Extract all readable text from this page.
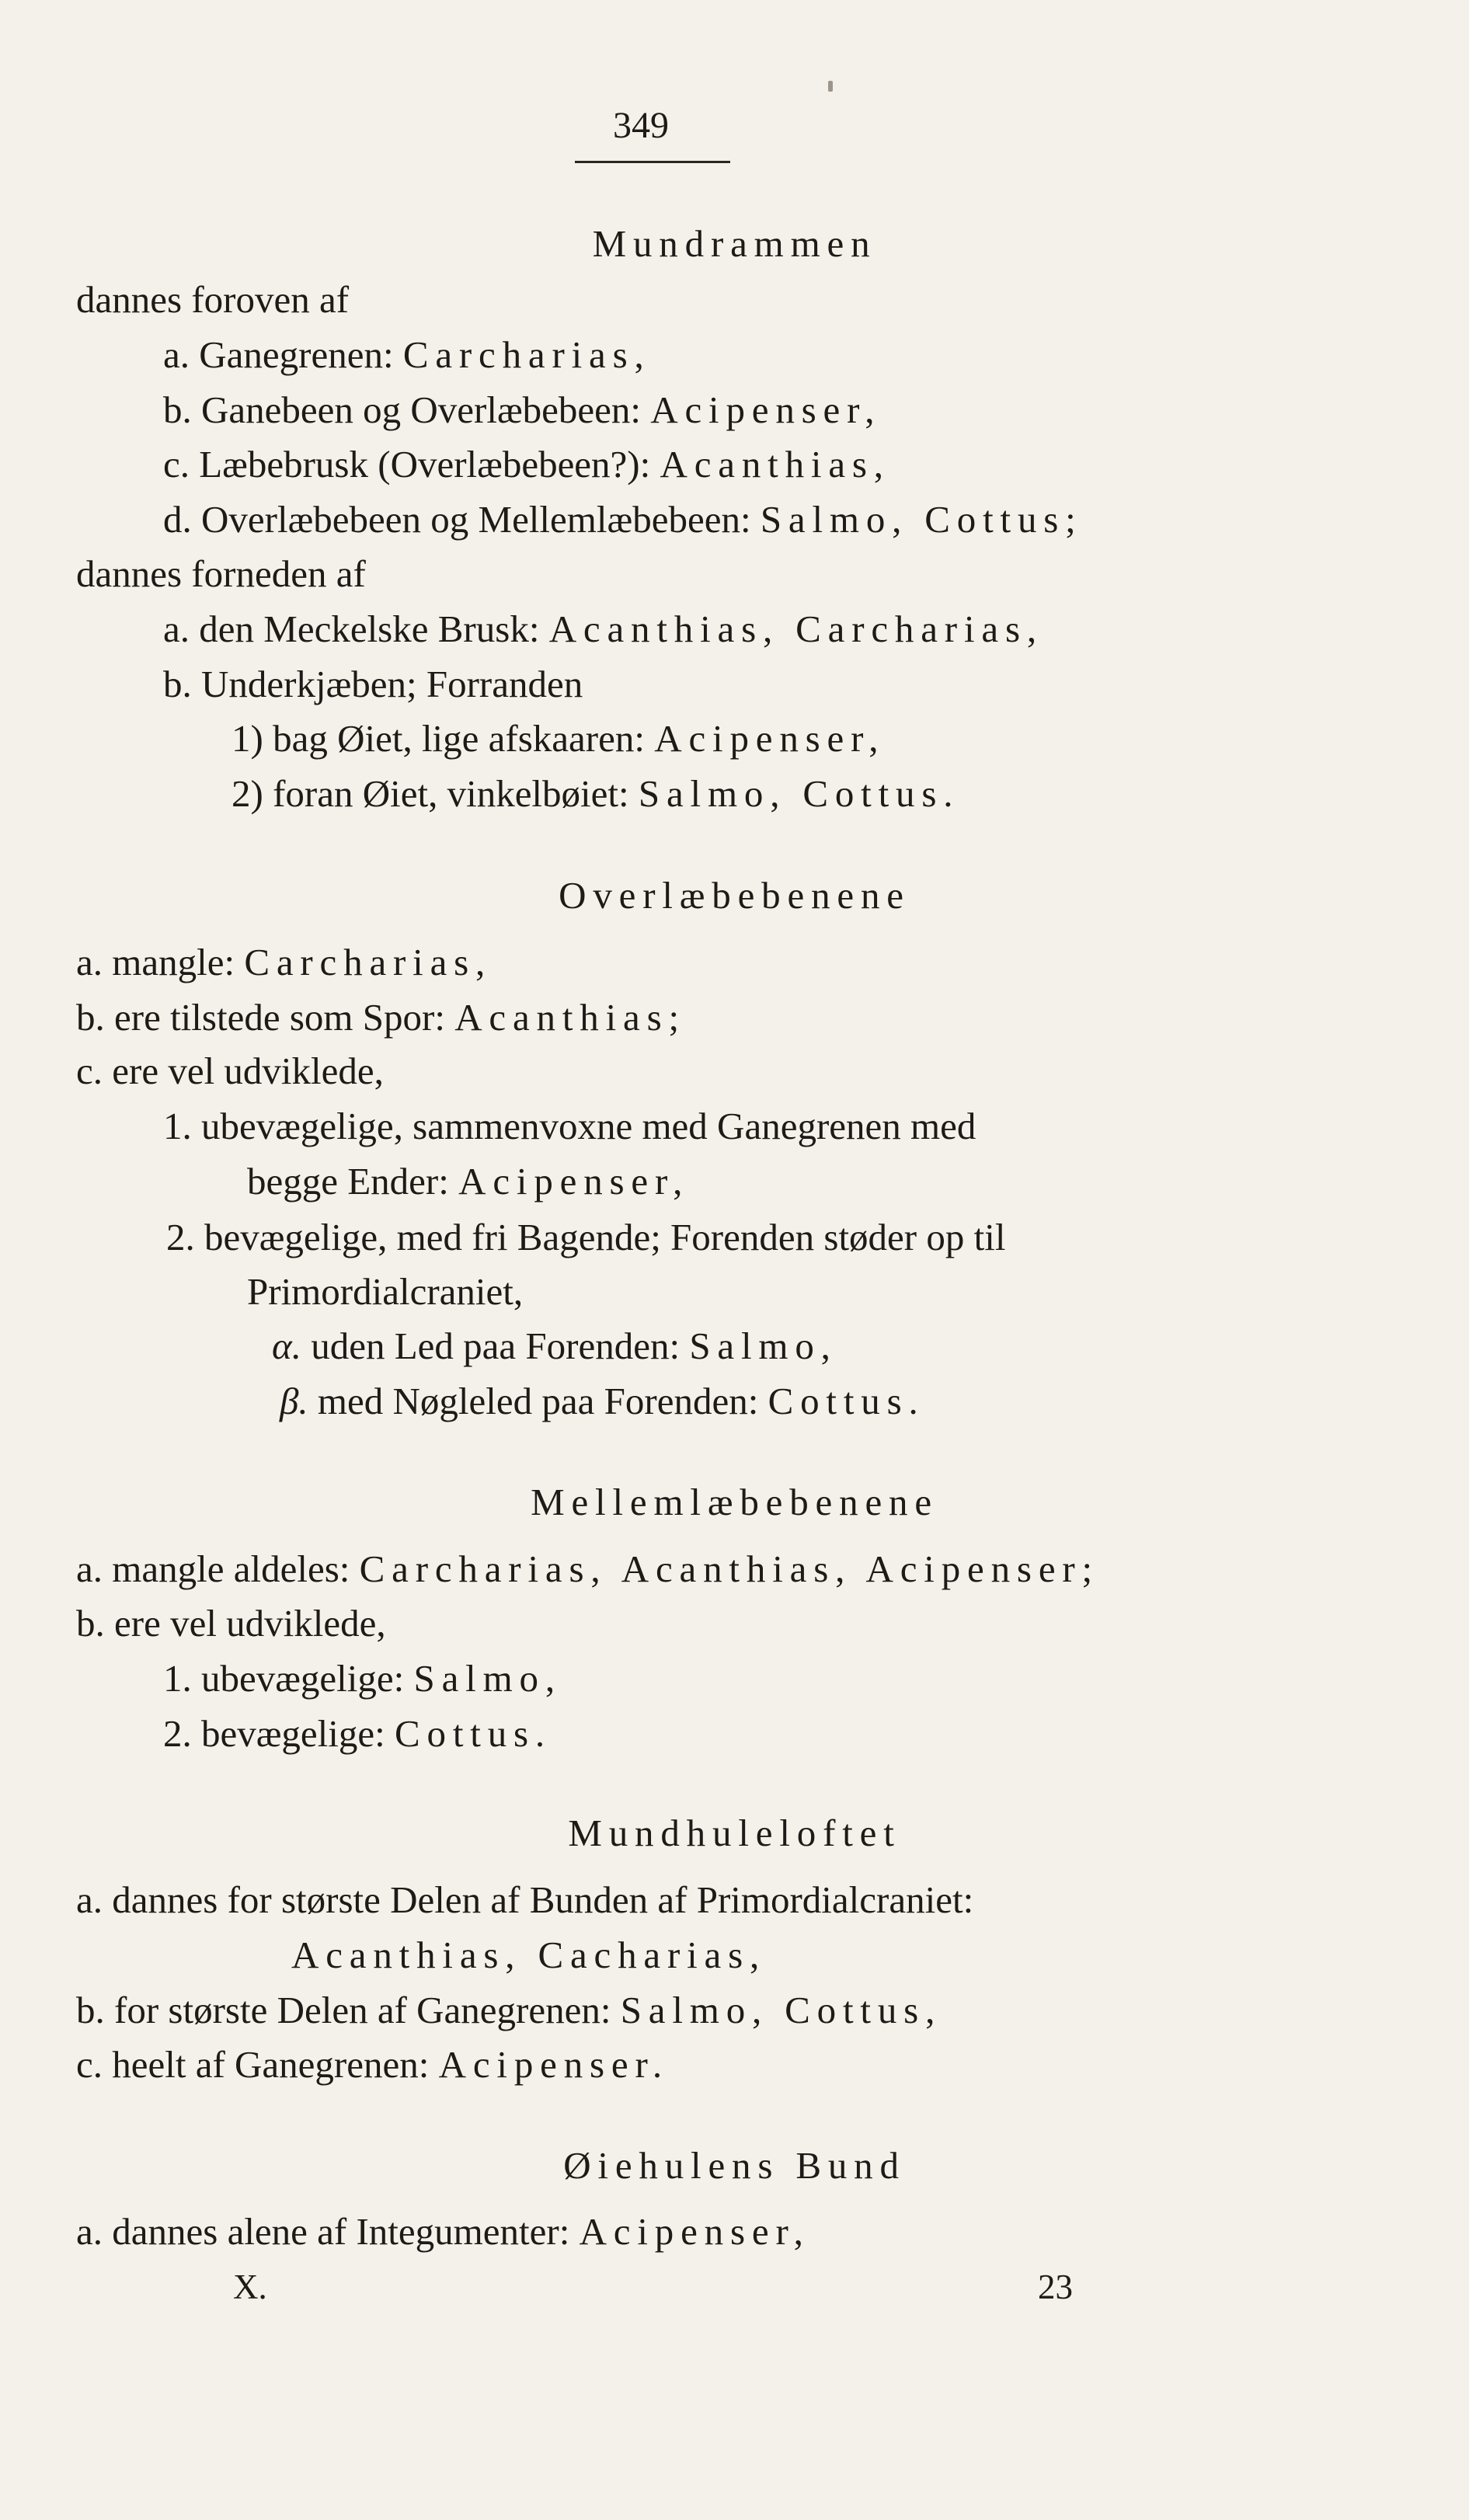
349
Mundrammen
dannes foroven af
a. Ganegrenen: Carcharias,
b. Ganebeen og Overlæbebeen: Acipenser,
c. Læbebrusk (Overlæbebeen?): Acanthias,
d. Overlæbebeen og Mellemlæbebeen: Salmo, Cottus;
dannes forneden af
a. den Meckelske Brusk: Acanthias, Carcharias,
b. Underkjæben; Forranden
1) bag Øiet, lige afskaaren: Acipenser,
2) foran Øiet, vinkelbøiet: Salmo, Cottus.
Overlæbebenene
a. mangle: Carcharias,
b. ere tilstede som Spor: Acanthias;
c. ere vel udviklede,
1. ubevægelige, sammenvoxne med Ganegrenen med
begge Ender: Acipenser,
2. bevægelige, med fri Bagende; Forenden støder op til
Primordialcraniet,
α. uden Led paa Forenden: Salmo,
β. med Nøgleled paa Forenden: Cottus.
Mellemlæbebenene
a. mangle aldeles: Carcharias, Acanthias, Acipenser;
b. ere vel udviklede,
1. ubevægelige: Salmo,
2. bevægelige: Cottus.
Mundhuleloftet
a. dannes for største Delen af Bunden af Primordialcraniet:
Acanthias, Cacharias,
b. for største Delen af Ganegrenen: Salmo, Cottus,
c. heelt af Ganegrenen: Acipenser.
Øiehulens Bund
a. dannes alene af Integumenter: Acipenser,
X.	23
